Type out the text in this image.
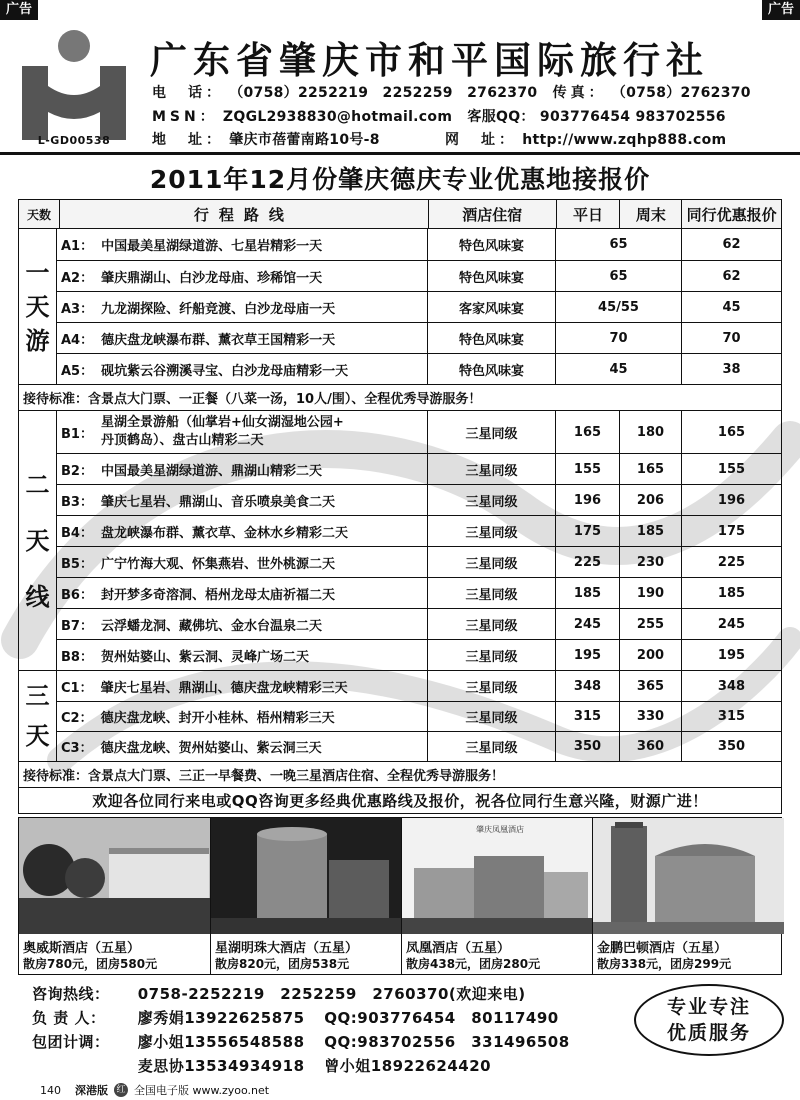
广告	广告
L-GD00538
广东省肇庆市和平国际旅行社
电　话： （0758）2252219　2252259　2762370 传真： （0758）2762370
MSN： ZQGL2938830@hotmail.com 客服QQ： 903776454 983702556
地　址： 肇庆市蓓蕾南路10号-8	网　址： http://www.zqhp888.com
2011年12月份肇庆德庆专业优惠地接报价
天数	行程路线	酒店住宿	平日	周末	同行优惠报价
一
天
游
A1： 中国最美星湖绿道游、七星岩精彩一天	特色风味宴	65	62
A2： 肇庆鼎湖山、白沙龙母庙、珍稀馆一天	特色风味宴	65	62
A3： 九龙湖探险、纤船竞渡、白沙龙母庙一天	客家风味宴	45/55	45
A4： 德庆盘龙峡瀑布群、薰衣草王国精彩一天	特色风味宴	70	70
A5： 砚坑紫云谷溯溪寻宝、白沙龙母庙精彩一天	特色风味宴	45	38
接待标准：含景点大门票、一正餐（八菜一汤，10人/围）、全程优秀导游服务！
二
天
线
B1：
星湖全景游船（仙掌岩+仙女湖湿地公园+
丹顶鹤岛）、盘古山精彩二天	三星同级	165	180	165
B2： 中国最美星湖绿道游、鼎湖山精彩二天	三星同级	155	165	155
B3： 肇庆七星岩、鼎湖山、音乐喷泉美食二天	三星同级	196	206	196
B4： 盘龙峡瀑布群、薰衣草、金林水乡精彩二天	三星同级	175	185	175
B5： 广宁竹海大观、怀集燕岩、世外桃源二天	三星同级	225	230	225
B6： 封开梦多奇溶洞、梧州龙母太庙祈福二天	三星同级	185	190	185
B7： 云浮蟠龙洞、藏佛坑、金水台温泉二天	三星同级	245	255	245
B8： 贺州姑婆山、紫云洞、灵峰广场二天	三星同级	195	200	195
三
天
C1： 肇庆七星岩、鼎湖山、德庆盘龙峡精彩三天	三星同级	348	365	348
C2： 德庆盘龙峡、封开小桂林、梧州精彩三天	三星同级	315	330	315
C3： 德庆盘龙峡、贺州姑婆山、紫云洞三天	三星同级	350	360	350
接待标准：含景点大门票、三正一早餐费、一晚三星酒店住宿、全程优秀导游服务！
欢迎各位同行来电或QQ咨询更多经典优惠路线及报价，祝各位同行生意兴隆，财源广进！
奥威斯酒店（五星）
散房780元，团房580元
星湖明珠大酒店（五星）
散房820元，团房538元
肇庆凤凰酒店
凤凰酒店（五星）
散房438元，团房280元
金鹏巴顿酒店（五星）
散房338元，团房299元
咨询热线： 0758-2252219　2252259　2760370(欢迎来电)
负 责 人： 廖秀娟13922625875 QQ:903776454　80117490
包团计调： 廖小姐13556548588 QQ:983702556　331496508
麦思协13534934918 曾小姐18922624420
专业专注
优质服务
140 深港版 红 全国电子版 www.zyoo.net
